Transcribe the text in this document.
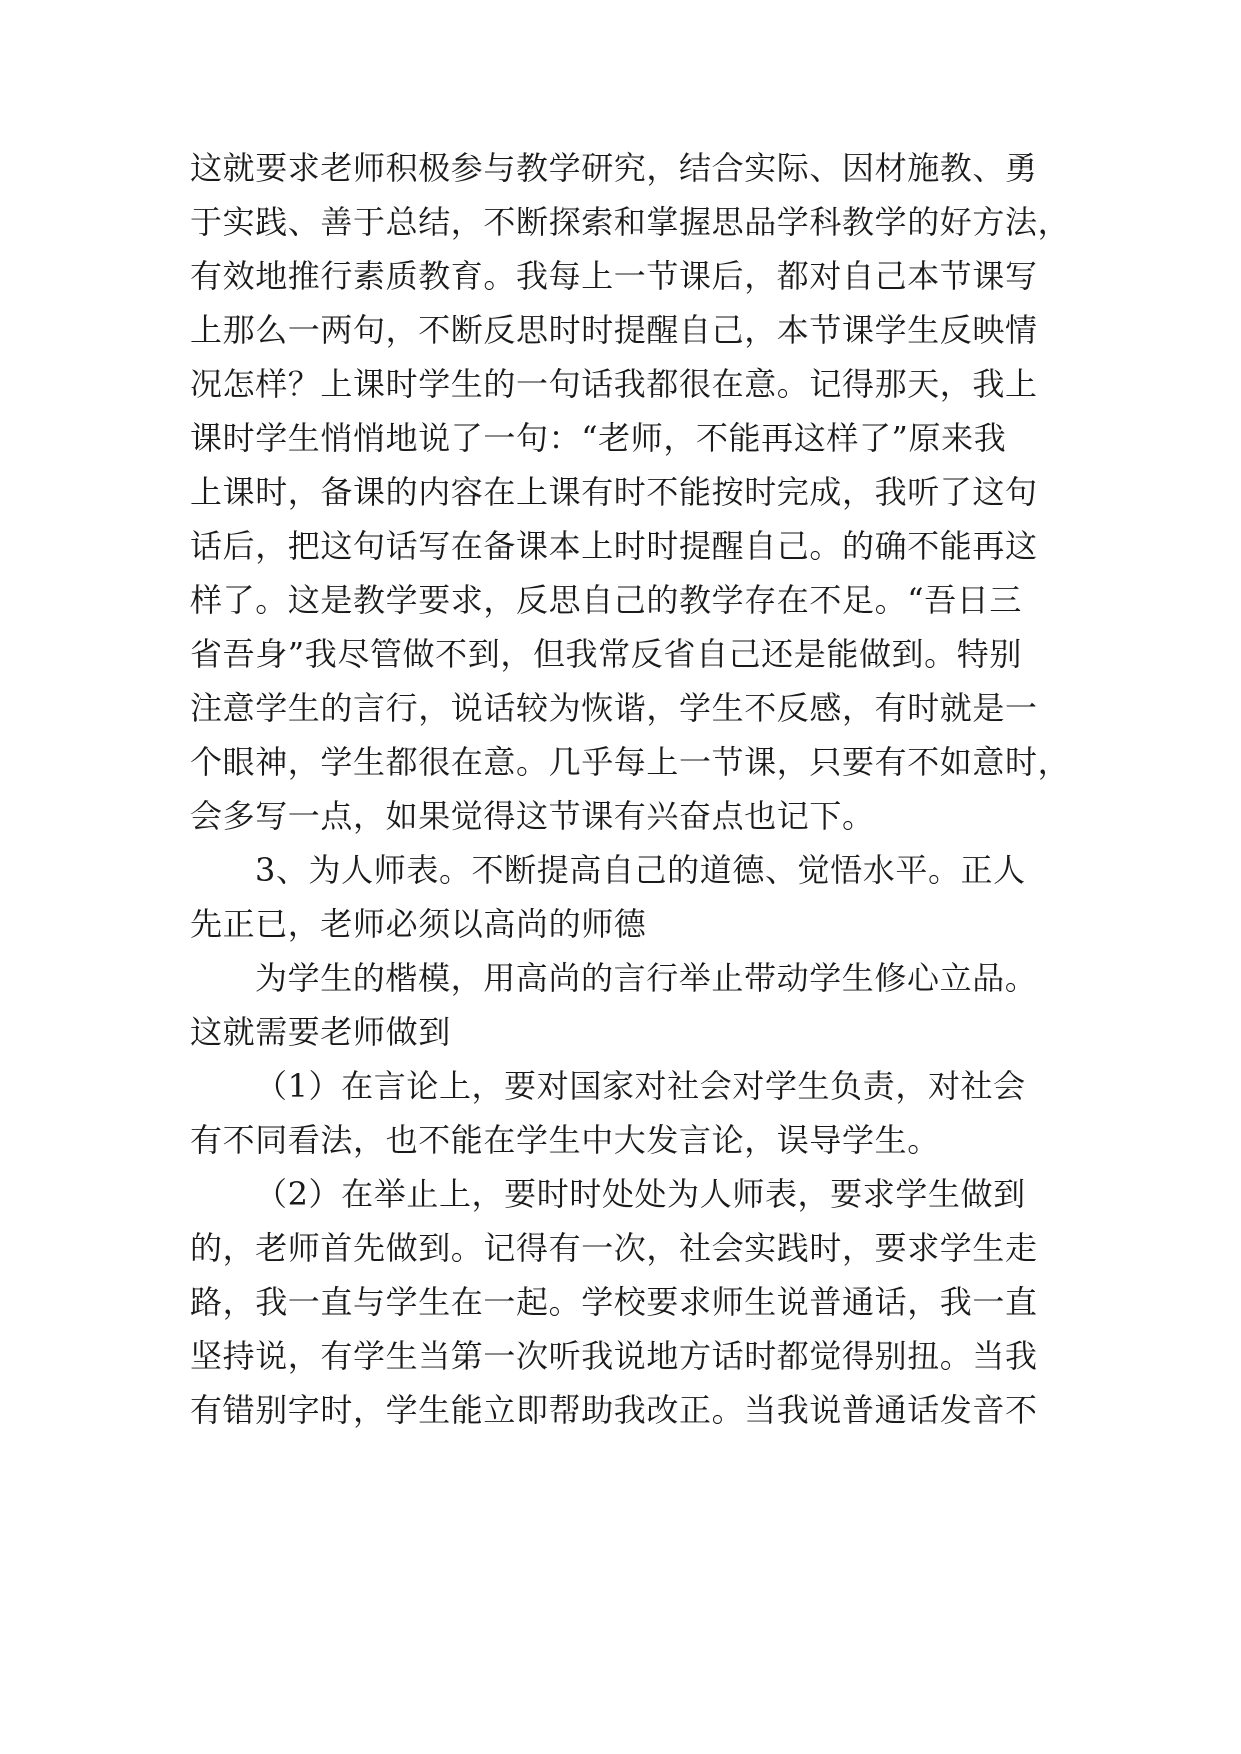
这就要求老师积极参与教学研究，结合实际、因材施教、勇
于实践、善于总结，不断探索和掌握思品学科教学的好方法，
有效地推行素质教育。我每上一节课后，都对自己本节课写
上那么一两句，不断反思时时提醒自己，本节课学生反映情
况怎样？上课时学生的一句话我都很在意。记得那天，我上
课时学生悄悄地说了一句：“老师，不能再这样了”原来我
上课时，备课的内容在上课有时不能按时完成，我听了这句
话后，把这句话写在备课本上时时提醒自己。的确不能再这
样了。这是教学要求，反思自己的教学存在不足。“吾日三
省吾身”我尽管做不到，但我常反省自己还是能做到。特别
注意学生的言行，说话较为恢谐，学生不反感，有时就是一
个眼神，学生都很在意。几乎每上一节课，只要有不如意时，
会多写一点，如果觉得这节课有兴奋点也记下。
3、为人师表。不断提高自己的道德、觉悟水平。正人
先正已，老师必须以高尚的师德
为学生的楷模，用高尚的言行举止带动学生修心立品。
这就需要老师做到
（1）在言论上，要对国家对社会对学生负责，对社会
有不同看法，也不能在学生中大发言论，误导学生。
（2）在举止上，要时时处处为人师表，要求学生做到
的，老师首先做到。记得有一次，社会实践时，要求学生走
路，我一直与学生在一起。学校要求师生说普通话，我一直
坚持说，有学生当第一次听我说地方话时都觉得别扭。当我
有错别字时，学生能立即帮助我改正。当我说普通话发音不
